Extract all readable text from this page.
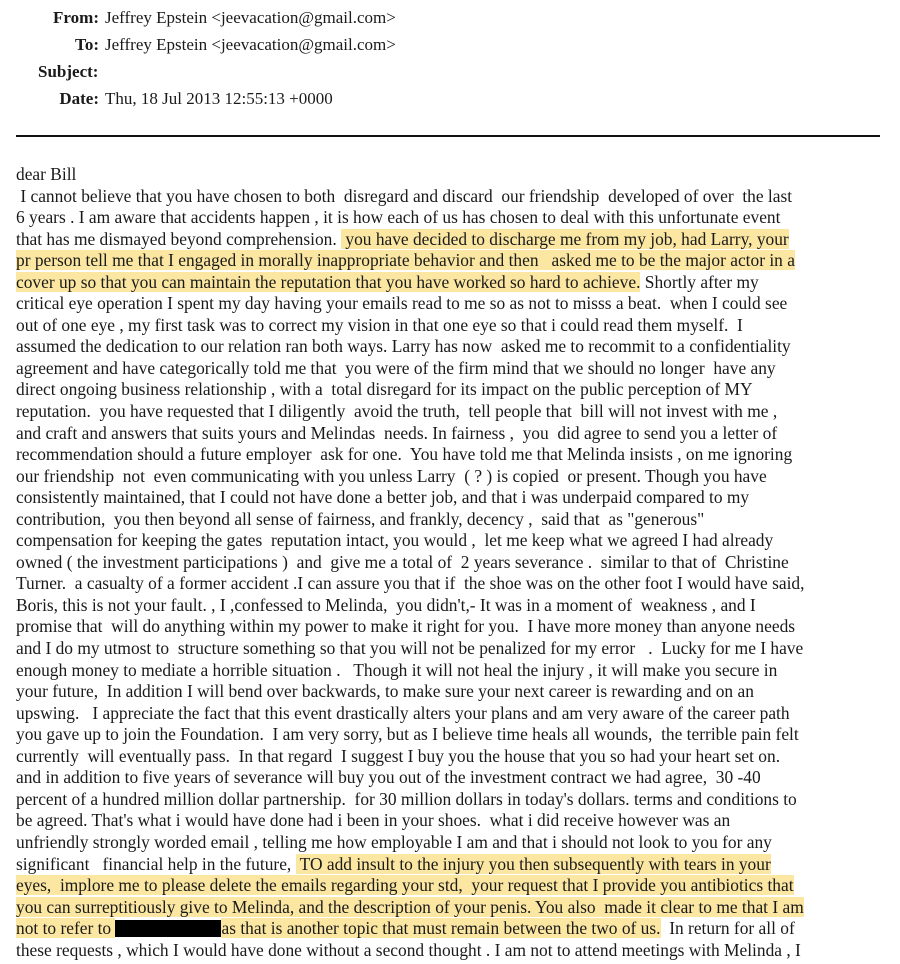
From: Jeffrey Epstein <jeevacation@gmail.com>
To: Jeffrey Epstein <jeevacation@gmail.com>
Subject:
Date: Thu, 18 Jul 2013 12:55:13 +0000
dear Bill
I cannot believe that you have chosen to both  disregard and discard  our friendship  developed of over  the last
6 years . I am aware that accidents happen , it is how each of us has chosen to deal with this unfortunate event
that has me dismayed beyond comprehension.  you have decided to discharge me from my job, had Larry, your
pr person tell me that I engaged in morally inappropriate behavior and then   asked me to be the major actor in a
cover up so that you can maintain the reputation that you have worked so hard to achieve. Shortly after my
critical eye operation I spent my day having your emails read to me so as not to misss a beat.  when I could see
out of one eye , my first task was to correct my vision in that one eye so that i could read them myself.  I
assumed the dedication to our relation ran both ways. Larry has now  asked me to recommit to a confidentiality
agreement and have categorically told me that  you were of the firm mind that we should no longer  have any
direct ongoing business relationship , with a  total disregard for its impact on the public perception of MY
reputation.  you have requested that I diligently  avoid the truth,  tell people that  bill will not invest with me ,
and craft and answers that suits yours and Melindas  needs. In fairness ,  you  did agree to send you a letter of
recommendation should a future employer  ask for one.  You have told me that Melinda insists , on me ignoring
our friendship  not  even communicating with you unless Larry  ( ? ) is copied  or present. Though you have
consistently maintained, that I could not have done a better job, and that i was underpaid compared to my
contribution,  you then beyond all sense of fairness, and frankly, decency ,  said that  as "generous"
compensation for keeping the gates  reputation intact, you would ,  let me keep what we agreed I had already
owned ( the investment participations )  and  give me a total of  2 years severance .  similar to that of  Christine
Turner.  a casualty of a former accident .I can assure you that if  the shoe was on the other foot I would have said,
Boris, this is not your fault. , I ,confessed to Melinda,  you didn't,- It was in a moment of  weakness , and I
promise that  will do anything within my power to make it right for you.  I have more money than anyone needs
and I do my utmost to  structure something so that you will not be penalized for my error   .  Lucky for me I have
enough money to mediate a horrible situation .   Though it will not heal the injury , it will make you secure in
your future,  In addition I will bend over backwards, to make sure your next career is rewarding and on an
upswing.   I appreciate the fact that this event drastically alters your plans and am very aware of the career path
you gave up to join the Foundation.  I am very sorry, but as I believe time heals all wounds,  the terrible pain felt
currently  will eventually pass.  In that regard  I suggest I buy you the house that you so had your heart set on.
and in addition to five years of severance will buy you out of the investment contract we had agree,  30 -40
percent of a hundred million dollar partnership.  for 30 million dollars in today's dollars. terms and conditions to
be agreed. That's what i would have done had i been in your shoes.  what i did receive however was an
unfriendly strongly worded email , telling me how employable I am and that i should not look to you for any
significant   financial help in the future,  TO add insult to the injury you then subsequently with tears in your
eyes,  implore me to please delete the emails regarding your std,  your request that I provide you antibiotics that
you can surreptitiously give to Melinda, and the description of your penis. You also  made it clear to me that I am
not to refer to	as that is another topic that must remain between the two of us.  In return for all of
these requests , which I would have done without a second thought . I am not to attend meetings with Melinda , I
